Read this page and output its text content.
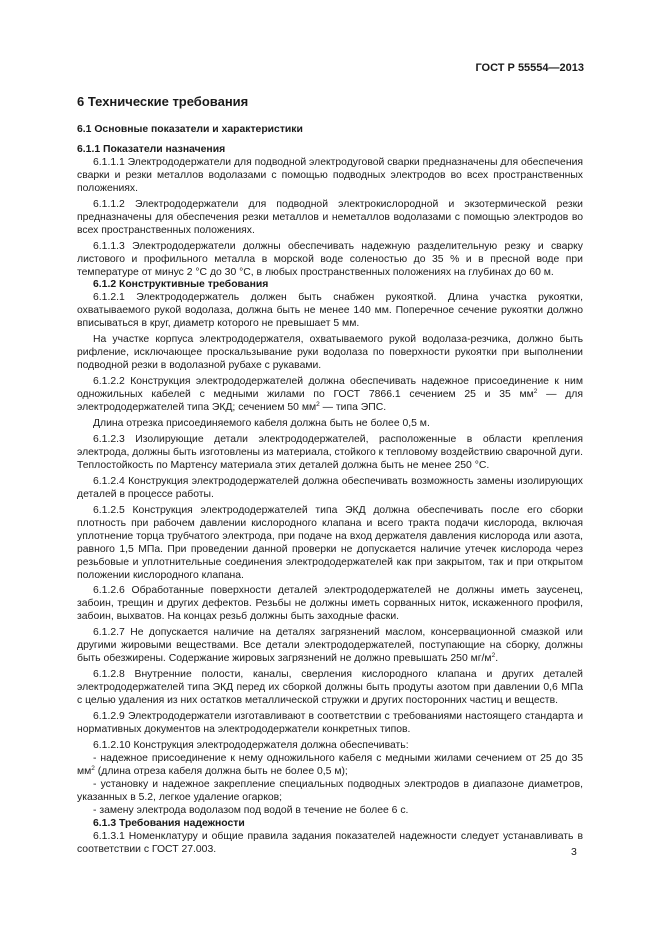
ГОСТ Р 55554—2013

6 Технические требования

6.1 Основные показатели и характеристики

6.1.1 Показатели назначения

6.1.1.1 Электрододержатели для подводной электродуговой сварки предназначены для обеспечения сварки и резки металлов водолазами с помощью подводных электродов во всех пространственных положениях.

6.1.1.2 Электрододержатели для подводной электрокислородной и экзотермической резки предназначены для обеспечения резки металлов и неметаллов водолазами с помощью электродов во всех пространственных положениях.

6.1.1.3 Электрододержатели должны обеспечивать надежную разделительную резку и сварку листового и профильного металла в морской воде соленостью до 35 % и в пресной воде при температуре от минус 2 °С до 30 °С, в любых пространственных положениях на глубинах до 60 м.

6.1.2 Конструктивные требования

6.1.2.1 Электрододержатель должен быть снабжен рукояткой. Длина участка рукоятки, охватываемого рукой водолаза, должна быть не менее 140 мм. Поперечное сечение рукоятки должно вписываться в круг, диаметр которого не превышает 5 мм.

На участке корпуса электрододержателя, охватываемого рукой водолаза-резчика, должно быть рифление, исключающее проскальзывание руки водолаза по поверхности рукоятки при выполнении подводной резки в водолазной рубахе с рукавами.

6.1.2.2 Конструкция электрододержателей должна обеспечивать надежное присоединение к ним одножильных кабелей с медными жилами по ГОСТ 7866.1 сечением 25 и 35 $мм^2$ — для электрододержателей типа ЭКД; сечением 50 $мм^2$ — типа ЭПС.

Длина отрезка присоединяемого кабеля должна быть не более 0,5 м.

6.1.2.3 Изолирующие детали электрододержателей, расположенные в области крепления электрода, должны быть изготовлены из материала, стойкого к тепловому воздействию сварочной дуги. Теплостойкость по Мартенсу материала этих деталей должна быть не менее 250 °С.

6.1.2.4 Конструкция электрододержателей должна обеспечивать возможность замены изолирующих деталей в процессе работы.

6.1.2.5 Конструкция электрододержателей типа ЭКД должна обеспечивать после его сборки плотность при рабочем давлении кислородного клапана и всего тракта подачи кислорода, включая уплотнение торца трубчатого электрода, при подаче на вход держателя давления кислорода или азота, равного 1,5 МПа. При проведении данной проверки не допускается наличие утечек кислорода через резьбовые и уплотнительные соединения электрододержателей как при закрытом, так и при открытом положении кислородного клапана.

6.1.2.6 Обработанные поверхности деталей электрододержателей не должны иметь заусенец, забоин, трещин и других дефектов. Резьбы не должны иметь сорванных ниток, искаженного профиля, забоин, выхватов. На концах резьб должны быть заходные фаски.

6.1.2.7 Не допускается наличие на деталях загрязнений маслом, консервационной смазкой или другими жировыми веществами. Все детали электрододержателей, поступающие на сборку, должны быть обезжирены. Содержание жировых загрязнений не должно превышать 250 $мг/м^2$.

6.1.2.8 Внутренние полости, каналы, сверления кислородного клапана и других деталей электрододержателей типа ЭКД перед их сборкой должны быть продуты азотом при давлении 0,6 МПа с целью удаления из них остатков металлической стружки и других посторонних частиц и веществ.

6.1.2.9 Электрододержатели изготавливают в соответствии с требованиями настоящего стандарта и нормативных документов на электрододержатели конкретных типов.

6.1.2.10 Конструкция электрододержателя должна обеспечивать:

- надежное присоединение к нему одножильного кабеля с медными жилами сечением от 25 до 35 $мм^2$ (длина отреза кабеля должна быть не более 0,5 м);

- установку и надежное закрепление специальных подводных электродов в диапазоне диаметров, указанных в 5.2, легкое удаление огарков;

- замену электрода водолазом под водой в течение не более 6 с.

6.1.3 Требования надежности

6.1.3.1 Номенклатуру и общие правила задания показателей надежности следует устанавливать в соответствии с ГОСТ 27.003.	3
